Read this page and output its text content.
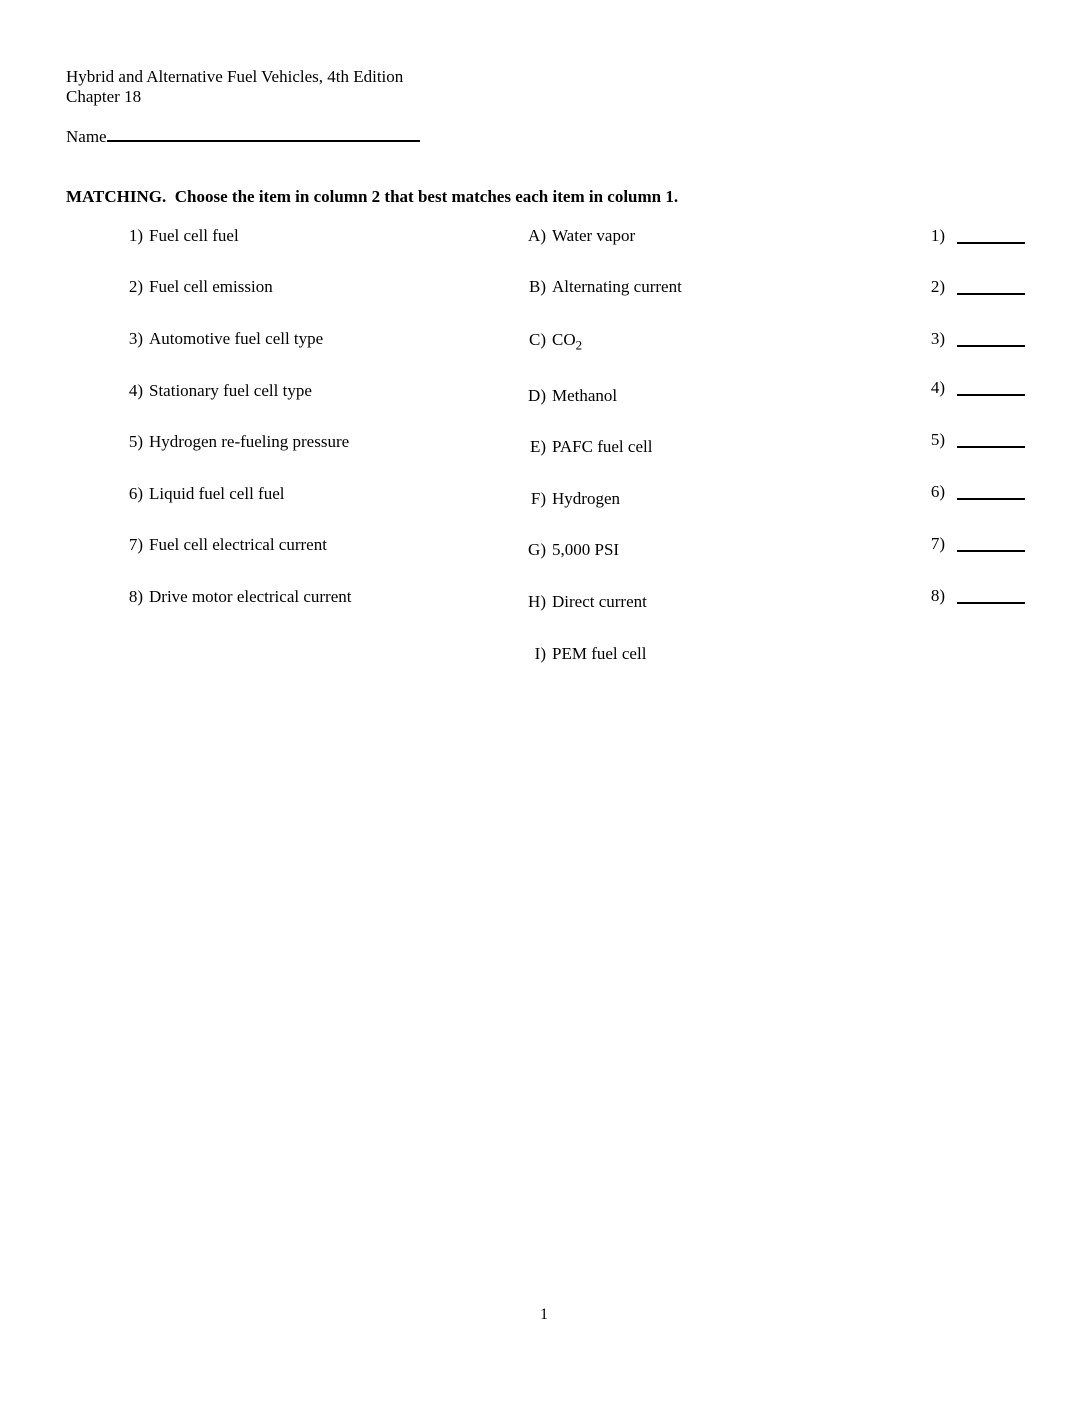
Hybrid and Alternative Fuel Vehicles, 4th Edition
Chapter 18
Name
MATCHING.  Choose the item in column 2 that best matches each item in column 1.
1) Fuel cell fuel
2) Fuel cell emission
3) Automotive fuel cell type
4) Stationary fuel cell type
5) Hydrogen re-fueling pressure
6) Liquid fuel cell fuel
7) Fuel cell electrical current
8) Drive motor electrical current
A) Water vapor
B) Alternating current
C) $CO_2$
D) Methanol
E) PAFC fuel cell
F) Hydrogen
G) 5,000 PSI
H) Direct current
I) PEM fuel cell
1)
2)
3)
4)
5)
6)
7)
8)
1
